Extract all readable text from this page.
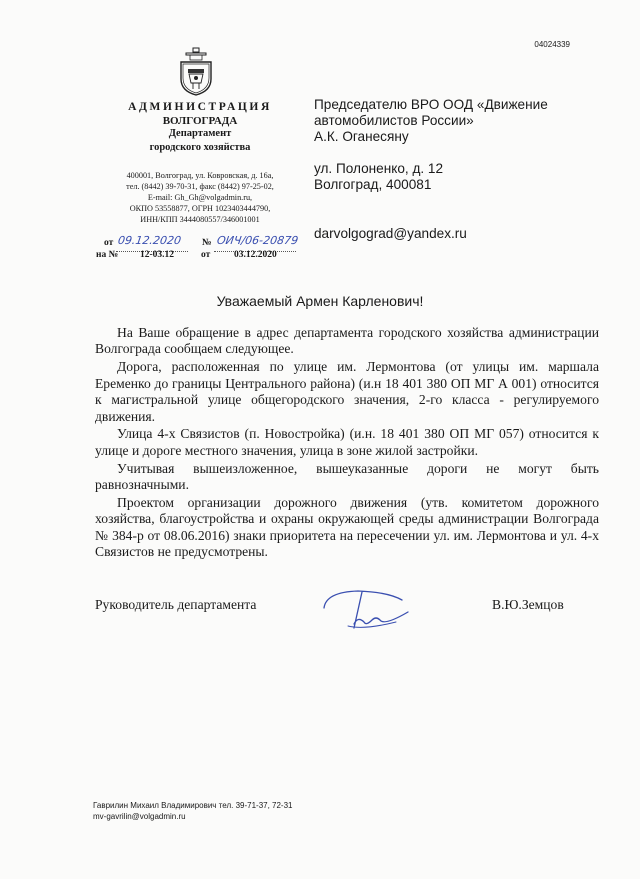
04024339
АДМИНИСТРАЦИЯ
ВОЛГОГРАДА
Департамент
городского хозяйства
400001, Волгоград, ул. Ковровская, д. 16а,
тел. (8442) 39-70-31, факс (8442) 97-25-02,
E-mail: Gh_Gh@volgadmin.ru,
ОКПО 53558877, ОГРН 1023403444790,
ИНН/КПП 3444080557/346001001
от 09.12.2020 № ОИЧ/06-20879
на № 12-03.12	от 03.12.2020
Председателю ВРО ООД «Движение
автомобилистов России»
А.К. Оганесяну
ул. Полоненко, д. 12
Волгоград, 400081
darvolgograd@yandex.ru
Уважаемый Армен Карленович!

На Ваше обращение в адрес департамента городского хозяйства администрации Волгограда сообщаем следующее.

Дорога, расположенная по улице им. Лермонтова (от улицы им. маршала Еременко до границы Центрального района) (и.н 18 401 380 ОП МГ А 001) относится к магистральной улице общегородского значения, 2-го класса - регулируемого движения.

Улица 4-х Связистов (п. Новостройка) (и.н. 18 401 380 ОП МГ 057) относится к улице и дороге местного значения, улица в зоне жилой застройки.

Учитывая вышеизложенное, вышеуказанные дороги не могут быть равнозначными.

Проектом организации дорожного движения (утв. комитетом дорожного хозяйства, благоустройства и охраны окружающей среды администрации Волгограда № 384-р от 08.06.2016) знаки приоритета на пересечении ул. им. Лермонтова и ул. 4-х Связистов не предусмотрены.

Руководитель департамента	В.Ю.Земцов
Гаврилин Михаил Владимирович тел. 39-71-37, 72-31
mv-gavrilin@volgadmin.ru
